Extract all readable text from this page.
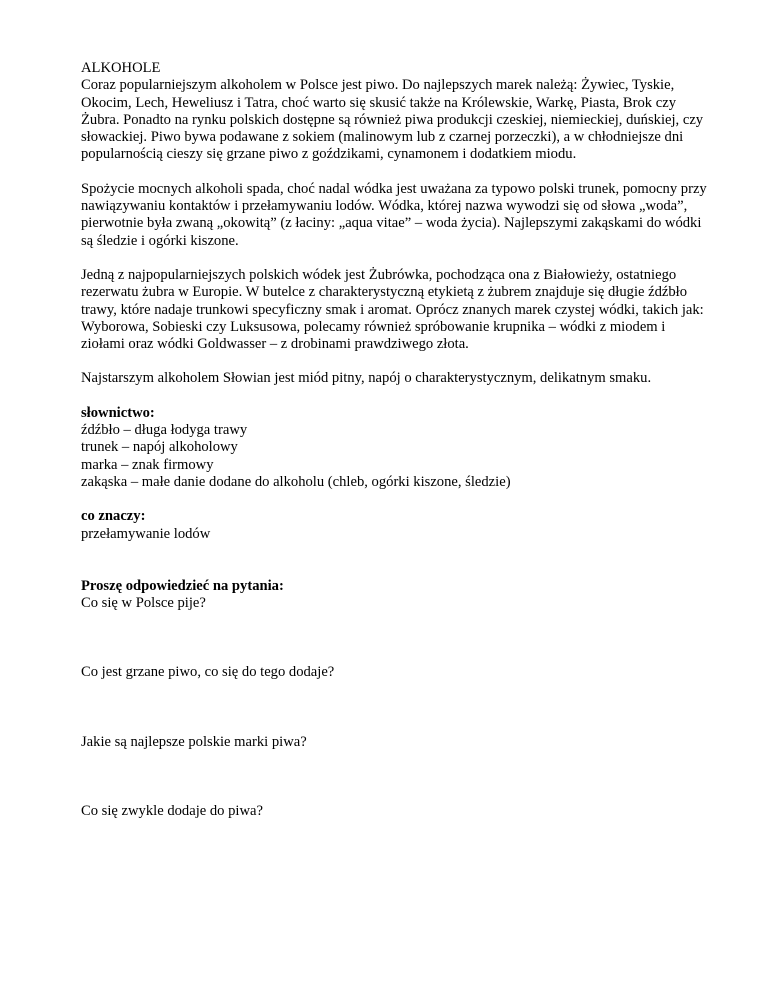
ALKOHOLE

Coraz popularniejszym alkoholem w Polsce jest piwo. Do najlepszych marek należą: Żywiec, Tyskie, Okocim, Lech, Heweliusz i Tatra, choć warto się skusić także na Królewskie, Warkę, Piasta, Brok czy Żubra. Ponadto na rynku polskich dostępne są również piwa produkcji czeskiej, niemieckiej, duńskiej, czy słowackiej. Piwo bywa podawane z sokiem (malinowym lub z czarnej porzeczki), a w chłodniejsze dni popularnością cieszy się grzane piwo z goździkami, cynamonem i dodatkiem miodu.

Spożycie mocnych alkoholi spada, choć nadal wódka jest uważana za typowo polski trunek, pomocny przy nawiązywaniu kontaktów i przełamywaniu lodów. Wódka, której nazwa wywodzi się od słowa „woda”, pierwotnie była zwaną „okowitą” (z łaciny: „aqua vitae” – woda życia). Najlepszymi zakąskami do wódki są śledzie i ogórki kiszone.

Jedną z najpopularniejszych polskich wódek jest Żubrówka, pochodząca ona z Białowieży, ostatniego rezerwatu żubra w Europie. W butelce z charakterystyczną etykietą z żubrem znajduje się długie źdźbło trawy, które nadaje trunkowi specyficzny smak i aromat. Oprócz znanych marek czystej wódki, takich jak: Wyborowa, Sobieski czy Luksusowa, polecamy również spróbowanie krupnika – wódki z miodem i ziołami oraz wódki Goldwasser – z drobinami prawdziwego złota.

Najstarszym alkoholem Słowian jest miód pitny, napój o charakterystycznym, delikatnym smaku.

słownictwo:

źdźbło – długa łodyga trawy

trunek – napój alkoholowy

marka – znak firmowy

zakąska – małe danie dodane do alkoholu (chleb, ogórki kiszone, śledzie)

co znaczy:

przełamywanie lodów

Proszę odpowiedzieć na pytania:

Co się w Polsce pije?

Co jest grzane piwo, co się do tego dodaje?

Jakie są najlepsze polskie marki piwa?

Co się zwykle dodaje do piwa?
